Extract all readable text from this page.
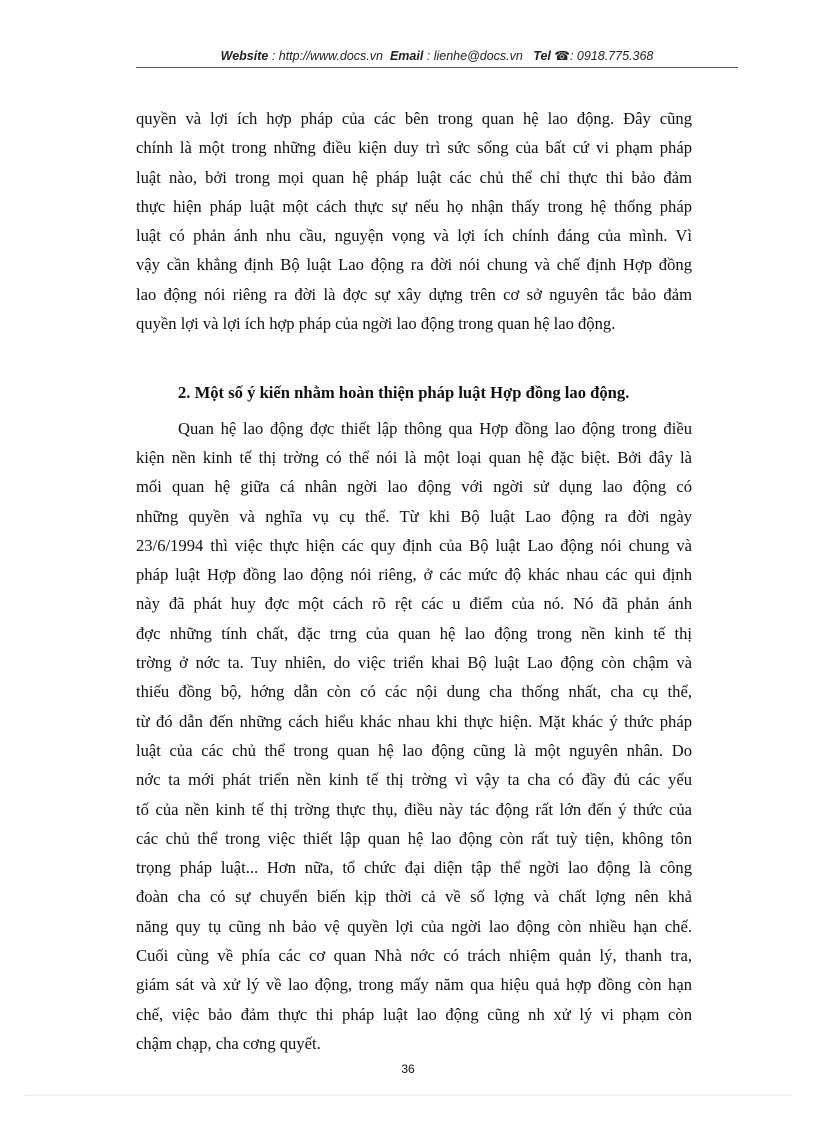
Website : http://www.docs.vn Email : lienhe@docs.vn Tel ☎: 0918.775.368
quyền và lợi ích hợp pháp của các bên trong quan hệ lao động. Đây cũng
chính là một trong những điều kiện duy trì sức sống của bất cứ vi phạm pháp
luật nào, bởi trong mọi quan hệ pháp luật các chủ thể chỉ thực thi bảo đảm
thực hiện pháp luật một cách thực sự nếu họ nhận thấy trong hệ thống pháp
luật có phản ánh nhu cầu, nguyện vọng và lợi ích chính đáng của mình. Vì
vậy cần khẳng định Bộ luật Lao động ra đời nói chung và chế định Hợp đồng
lao động nói riêng ra đời là đợc sự xây dựng trên cơ sở nguyên tắc bảo đảm
quyền lợi và lợi ích hợp pháp của ngời lao động trong quan hệ lao động.
2. Một số ý kiến nhằm hoàn thiện pháp luật Hợp đồng lao động.
Quan hệ lao động đợc thiết lập thông qua Hợp đồng lao động trong điều
kiện nền kinh tế thị trờng có thể nói là một loại quan hệ đặc biệt. Bởi đây là
mối quan hệ giữa cá nhân ngời lao động với ngời sử dụng lao động có
những quyền và nghĩa vụ cụ thể. Từ khi Bộ luật Lao động ra đời ngày
23/6/1994 thì việc thực hiện các quy định của Bộ luật Lao động nói chung và
pháp luật Hợp đồng lao động nói riêng, ở các mức độ khác nhau các qui định
này đã phát huy đợc một cách rõ rệt các u điểm của nó. Nó đã phản ánh
đợc những tính chất, đặc trng của quan hệ lao động trong nền kinh tế thị
trờng ở nớc ta. Tuy nhiên, do việc triển khai Bộ luật Lao động còn chậm và
thiếu đồng bộ, hớng dẫn còn có các nội dung cha thống nhất, cha cụ thể,
từ đó dẫn đến những cách hiểu khác nhau khi thực hiện. Mặt khác ý thức pháp
luật của các chủ thể trong quan hệ lao động cũng là một nguyên nhân. Do
nớc ta mới phát triển nền kinh tế thị trờng vì vậy ta cha có đầy đủ các yếu
tố của nền kinh tế thị trờng thực thụ, điều này tác động rất lớn đến ý thức của
các chủ thể trong việc thiết lập quan hệ lao động còn rất tuỳ tiện, không tôn
trọng pháp luật... Hơn nữa, tổ chức đại diện tập thể ngời lao động là công
đoàn cha có sự chuyển biến kịp thời cả về số lợng và chất lợng nên khả
năng quy tụ cũng nh bảo vệ quyền lợi của ngời lao động còn nhiều hạn chế.
Cuối cùng về phía các cơ quan Nhà nớc có trách nhiệm quản lý, thanh tra,
giám sát và xử lý về lao động, trong mấy năm qua hiệu quả hợp đồng còn hạn
chế, việc bảo đảm thực thi pháp luật lao động cũng nh xử lý vi phạm còn
chậm chạp, cha cơng quyết.
36
